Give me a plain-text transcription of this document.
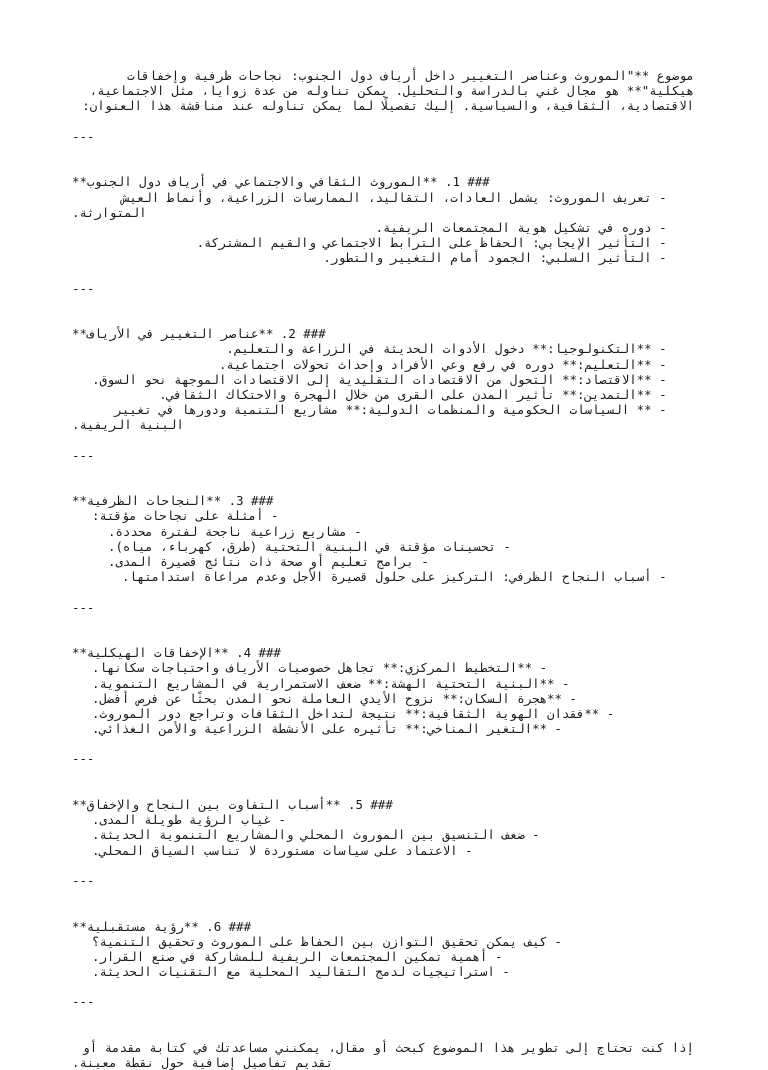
موضوع **"الموروث وعناصر التغيير داخل أرياف دول الجنوب: نجاحات ظرفية وإخفاقات
هيكلية"** هو مجال غني بالدراسة والتحليل. يمكن تناوله من عدة زوايا، مثل الاجتماعية،
الاقتصادية، الثقافية، والسياسية. إليك تفصيلًا لما يمكن تناوله عند مناقشة هذا العنوان:
---
### 1. **الموروث الثقافي والاجتماعي في أرياف دول الجنوب**
- تعريف الموروث: يشمل العادات، التقاليد، الممارسات الزراعية، وأنماط العيش
المتوارثة.
- دوره في تشكيل هوية المجتمعات الريفية.
- التأثير الإيجابي: الحفاظ على الترابط الاجتماعي والقيم المشتركة.
- التأثير السلبي: الجمود أمام التغيير والتطور.
---
### 2. **عناصر التغيير في الأرياف**
- **التكنولوجيا:** دخول الأدوات الحديثة في الزراعة والتعليم.
- **التعليم:** دوره في رفع وعي الأفراد وإحداث تحولات اجتماعية.
- **الاقتصاد:** التحول من الاقتصادات التقليدية إلى الاقتصادات الموجهة نحو السوق.
- **التمدين:** تأثير المدن على القرى من خلال الهجرة والاحتكاك الثقافي.
- ** السياسات الحكومية والمنظمات الدولية:** مشاريع التنمية ودورها في تغيير
البنية الريفية.
---
### 3. **النجاحات الظرفية**
- أمثلة على نجاحات مؤقتة:
- مشاريع زراعية ناجحة لفترة محددة.
- تحسينات مؤقتة في البنية التحتية (طرق، كهرباء، مياه).
- برامج تعليم أو صحة ذات نتائج قصيرة المدى.
- أسباب النجاح الظرفي: التركيز على حلول قصيرة الأجل وعدم مراعاة استدامتها.
---
### 4. **الإخفاقات الهيكلية**
- **التخطيط المركزي:** تجاهل خصوصيات الأرياف واحتياجات سكانها.
- **البنية التحتية الهشة:** ضعف الاستمرارية في المشاريع التنموية.
- **هجرة السكان:** نزوح الأيدي العاملة نحو المدن بحثًا عن فرص أفضل.
- **فقدان الهوية الثقافية:** نتيجة لتداخل الثقافات وتراجع دور الموروث.
- **التغير المناخي:** تأثيره على الأنشطة الزراعية والأمن الغذائي.
---
### 5. **أسباب التفاوت بين النجاح والإخفاق**
- غياب الرؤية طويلة المدى.
- ضعف التنسيق بين الموروث المحلي والمشاريع التنموية الحديثة.
- الاعتماد على سياسات مستوردة لا تناسب السياق المحلي.
---
### 6. **رؤية مستقبلية**
- كيف يمكن تحقيق التوازن بين الحفاظ على الموروث وتحقيق التنمية؟
- أهمية تمكين المجتمعات الريفية للمشاركة في صنع القرار.
- استراتيجيات لدمج التقاليد المحلية مع التقنيات الحديثة.
---
إذا كنت تحتاج إلى تطوير هذا الموضوع كبحث أو مقال، يمكنني مساعدتك في كتابة مقدمة أو
تقديم تفاصيل إضافية حول نقطة معينة.
